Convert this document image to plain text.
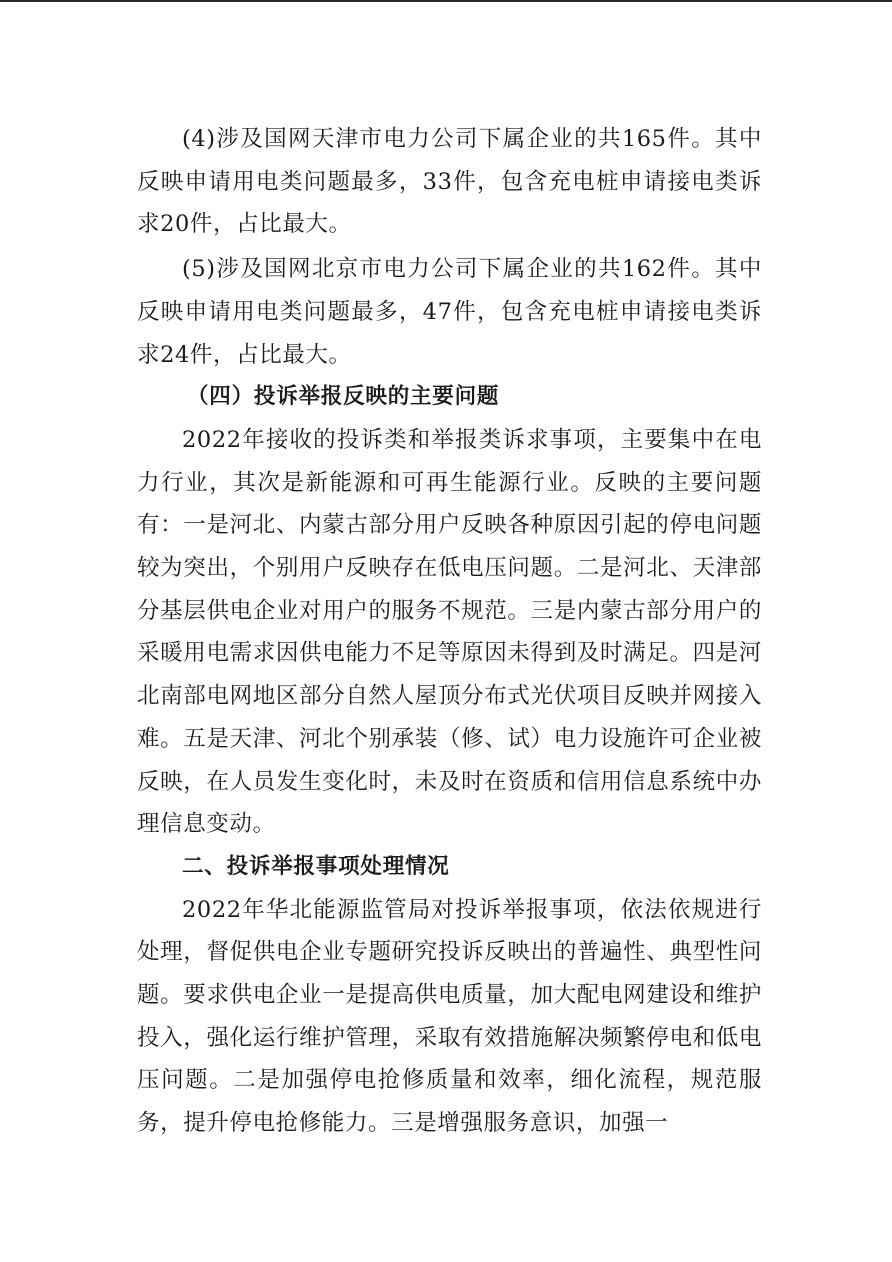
(4)涉及国网天津市电力公司下属企业的共165件。其中反映申请用电类问题最多，33件，包含充电桩申请接电类诉求20件，占比最大。

(5)涉及国网北京市电力公司下属企业的共162件。其中反映申请用电类问题最多，47件，包含充电桩申请接电类诉求24件，占比最大。

（四）投诉举报反映的主要问题

2022年接收的投诉类和举报类诉求事项，主要集中在电力行业，其次是新能源和可再生能源行业。反映的主要问题有：一是河北、内蒙古部分用户反映各种原因引起的停电问题较为突出，个别用户反映存在低电压问题。二是河北、天津部分基层供电企业对用户的服务不规范。三是内蒙古部分用户的采暖用电需求因供电能力不足等原因未得到及时满足。四是河北南部电网地区部分自然人屋顶分布式光伏项目反映并网接入难。五是天津、河北个别承装（修、试）电力设施许可企业被反映，在人员发生变化时，未及时在资质和信用信息系统中办理信息变动。

二、投诉举报事项处理情况

2022年华北能源监管局对投诉举报事项，依法依规进行处理，督促供电企业专题研究投诉反映出的普遍性、典型性问题。要求供电企业一是提高供电质量，加大配电网建设和维护投入，强化运行维护管理，采取有效措施解决频繁停电和低电压问题。二是加强停电抢修质量和效率，细化流程，规范服务，提升停电抢修能力。三是增强服务意识，加强一
